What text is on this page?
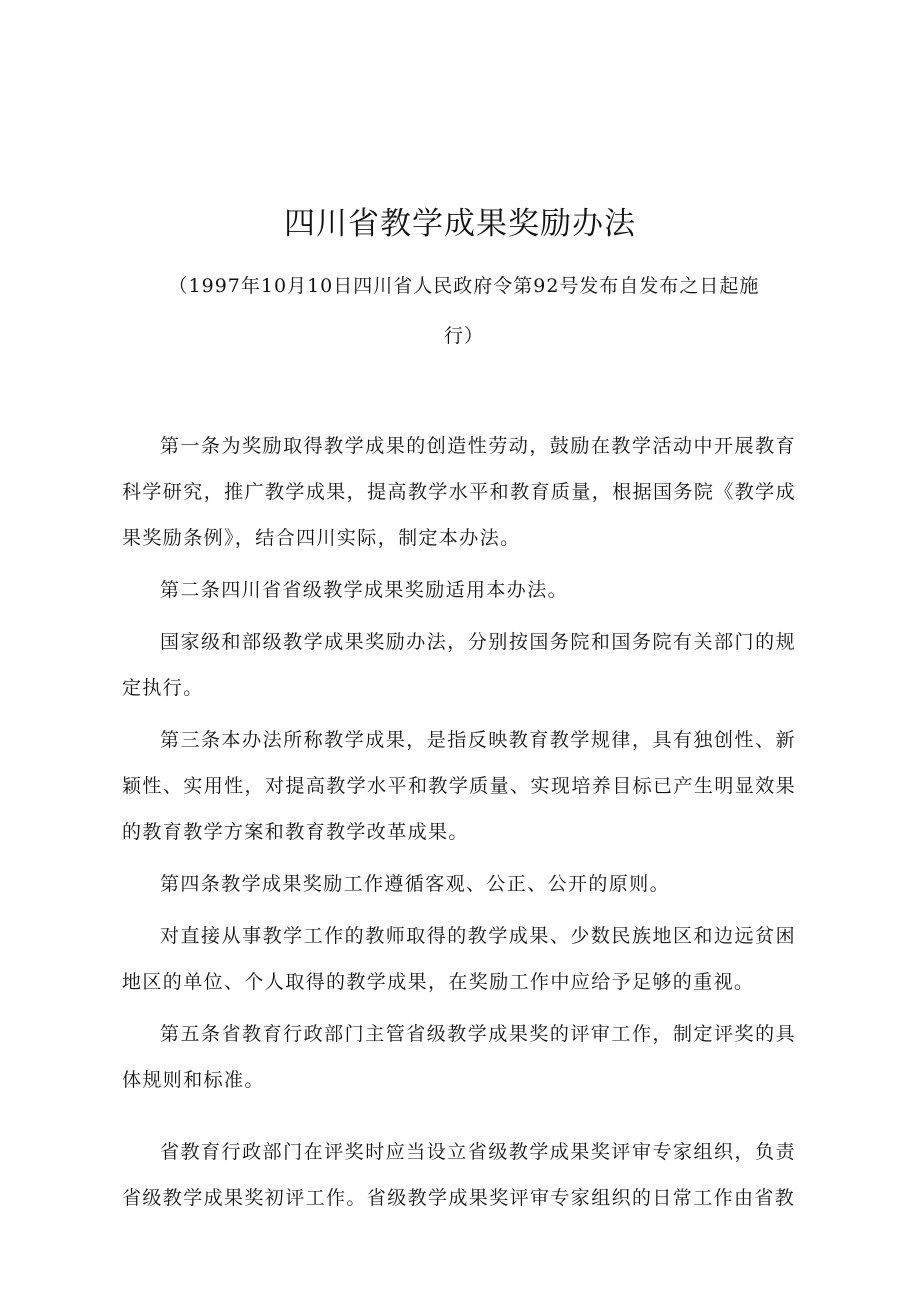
四川省教学成果奖励办法
（1997年10月10日四川省人民政府令第92号发布自发布之日起施行）

第一条为奖励取得教学成果的创造性劳动，鼓励在教学活动中开展教育科学研究，推广教学成果，提高教学水平和教育质量，根据国务院《教学成果奖励条例》，结合四川实际，制定本办法。

第二条四川省省级教学成果奖励适用本办法。

国家级和部级教学成果奖励办法，分别按国务院和国务院有关部门的规定执行。

第三条本办法所称教学成果，是指反映教育教学规律，具有独创性、新颖性、实用性，对提高教学水平和教学质量、实现培养目标已产生明显效果的教育教学方案和教育教学改革成果。

第四条教学成果奖励工作遵循客观、公正、公开的原则。

对直接从事教学工作的教师取得的教学成果、少数民族地区和边远贫困地区的单位、个人取得的教学成果，在奖励工作中应给予足够的重视。

第五条省教育行政部门主管省级教学成果奖的评审工作，制定评奖的具体规则和标准。

省教育行政部门在评奖时应当设立省级教学成果奖评审专家组织，负责省级教学成果奖初评工作。省级教学成果奖评审专家组织的日常工作由省教
